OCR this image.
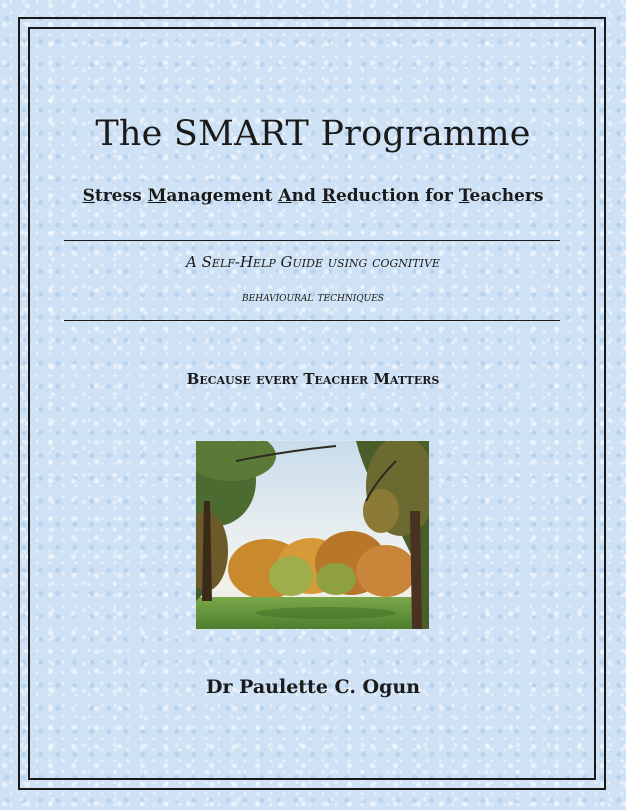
The SMART Programme
Stress Management And Reduction for Teachers
A Self-Help Guide using cognitive
behavioural techniques
Because every Teacher Matters
Dr Paulette C. Ogun
